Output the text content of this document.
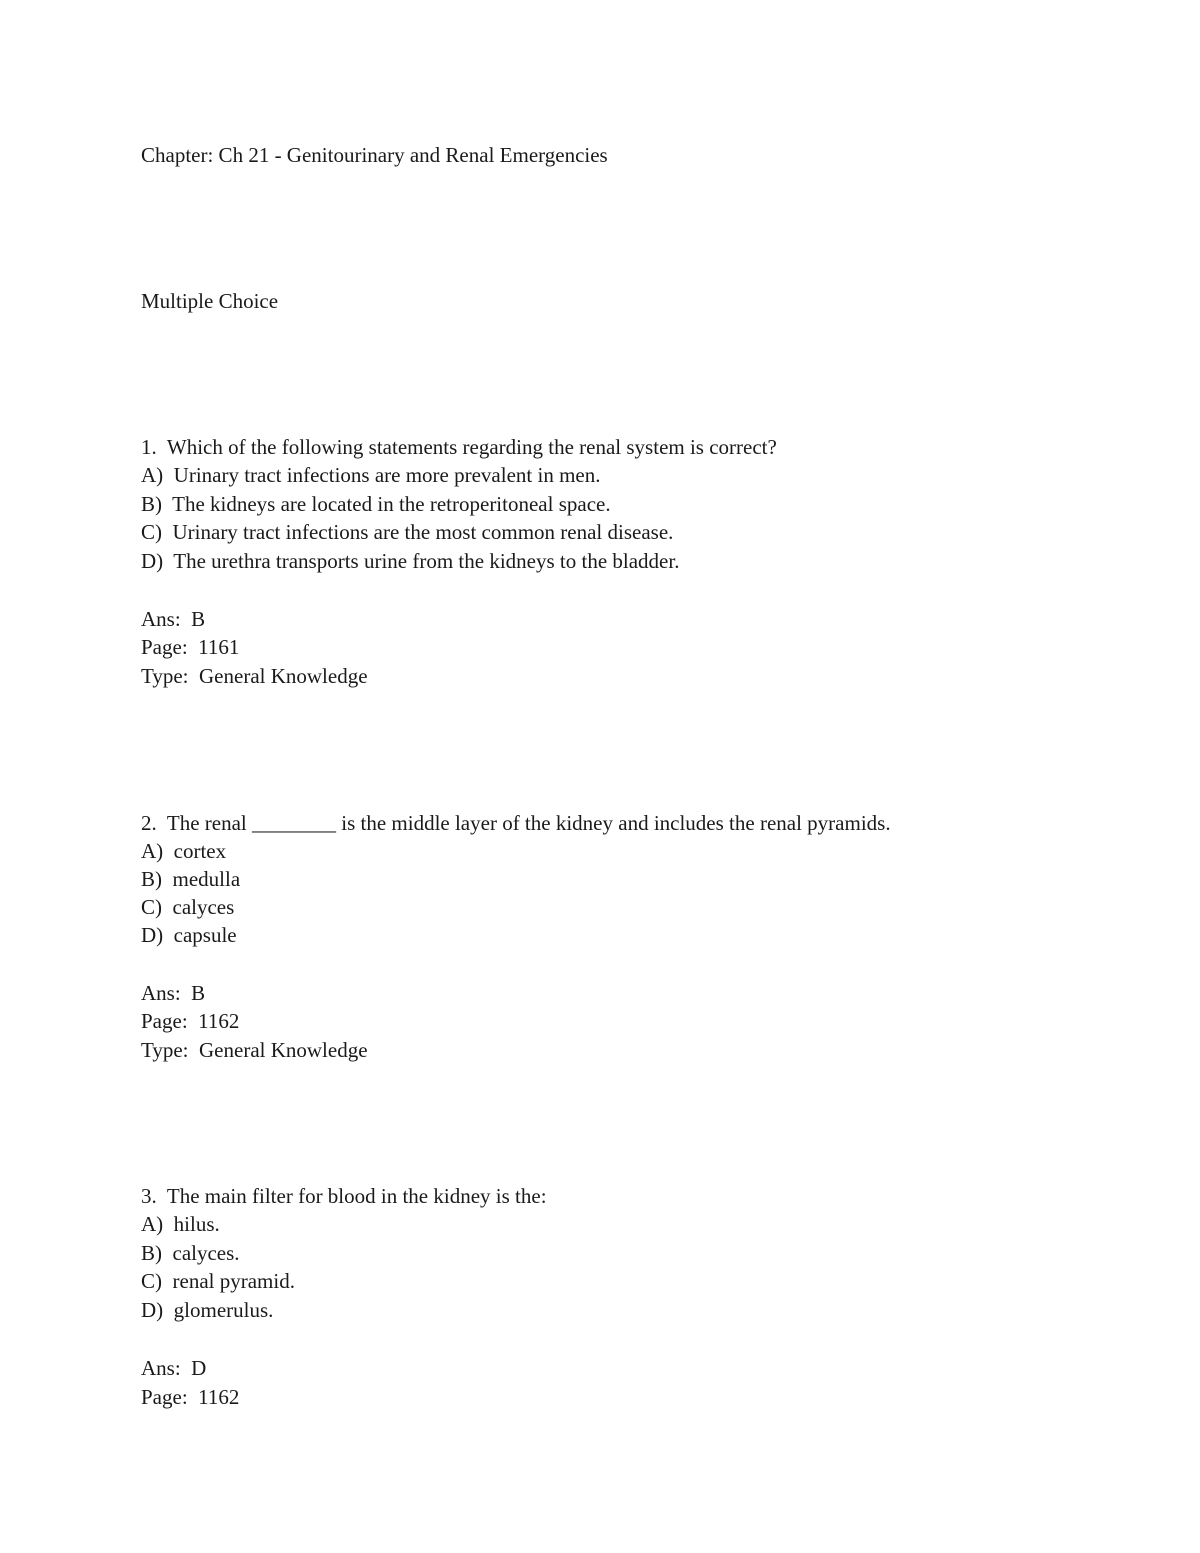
Chapter: Ch 21 - Genitourinary and Renal Emergencies
Multiple Choice
1.  Which of the following statements regarding the renal system is correct?
A)  Urinary tract infections are more prevalent in men.
B)  The kidneys are located in the retroperitoneal space.
C)  Urinary tract infections are the most common renal disease.
D)  The urethra transports urine from the kidneys to the bladder.
Ans:  B
Page:  1161
Type:  General Knowledge
2.  The renal ________ is the middle layer of the kidney and includes the renal pyramids.
A)  cortex
B)  medulla
C)  calyces
D)  capsule
Ans:  B
Page:  1162
Type:  General Knowledge
3.  The main filter for blood in the kidney is the:
A)  hilus.
B)  calyces.
C)  renal pyramid.
D)  glomerulus.
Ans:  D
Page:  1162
